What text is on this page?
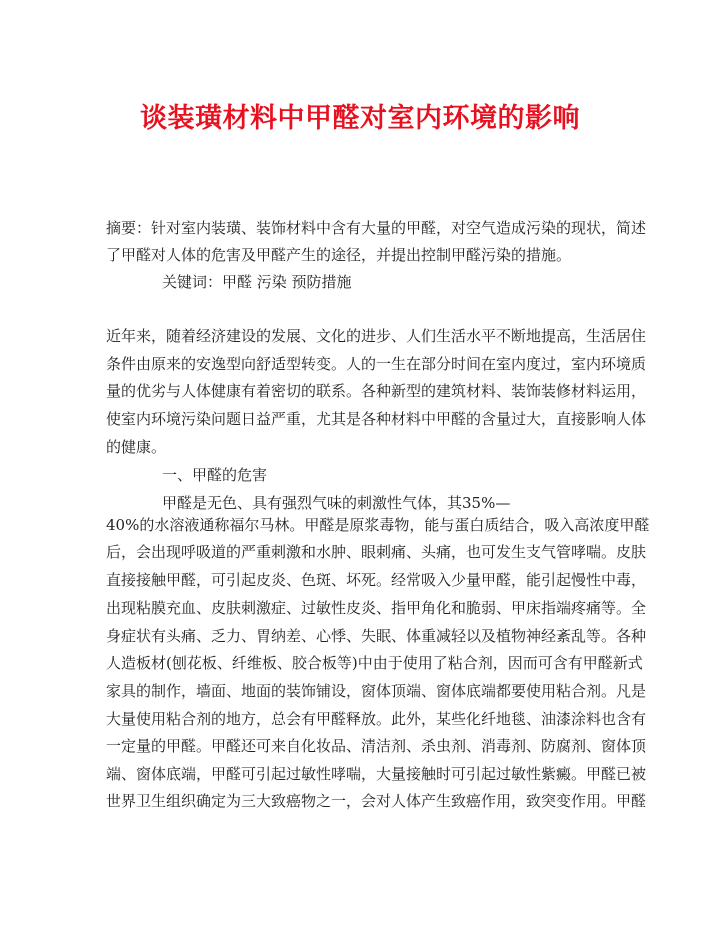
谈装璜材料中甲醛对室内环境的影响
摘要：针对室内装璜、装饰材料中含有大量的甲醛，对空气造成污染的现状，简述
了甲醛对人体的危害及甲醛产生的途径，并提出控制甲醛污染的措施。
关键词：甲醛 污染 预防措施
近年来，随着经济建设的发展、文化的进步、人们生活水平不断地提高，生活居住
条件由原来的安逸型向舒适型转变。人的一生在部分时间在室内度过，室内环境质
量的优劣与人体健康有着密切的联系。各种新型的建筑材料、装饰装修材料运用，
使室内环境污染问题日益严重，尤其是各种材料中甲醛的含量过大，直接影响人体
的健康。
一、甲醛的危害
甲醛是无色、具有强烈气味的刺激性气体，其35%—
40%的水溶液通称福尔马林。甲醛是原浆毒物，能与蛋白质结合，吸入高浓度甲醛
后，会出现呼吸道的严重刺激和水肿、眼刺痛、头痛，也可发生支气管哮喘。皮肤
直接接触甲醛，可引起皮炎、色斑、坏死。经常吸入少量甲醛，能引起慢性中毒，
出现粘膜充血、皮肤刺激症、过敏性皮炎、指甲角化和脆弱、甲床指端疼痛等。全
身症状有头痛、乏力、胃纳差、心悸、失眠、体重减轻以及植物神经紊乱等。各种
人造板材(刨花板、纤维板、胶合板等)中由于使用了粘合剂，因而可含有甲醛新式
家具的制作，墙面、地面的装饰铺设，窗体顶端、窗体底端都要使用粘合剂。凡是
大量使用粘合剂的地方，总会有甲醛释放。此外，某些化纤地毯、油漆涂料也含有
一定量的甲醛。甲醛还可来自化妆品、清洁剂、杀虫剂、消毒剂、防腐剂、窗体顶
端、窗体底端，甲醛可引起过敏性哮喘，大量接触时可引起过敏性紫癜。甲醛已被
世界卫生组织确定为三大致癌物之一，会对人体产生致癌作用，致突变作用。甲醛
